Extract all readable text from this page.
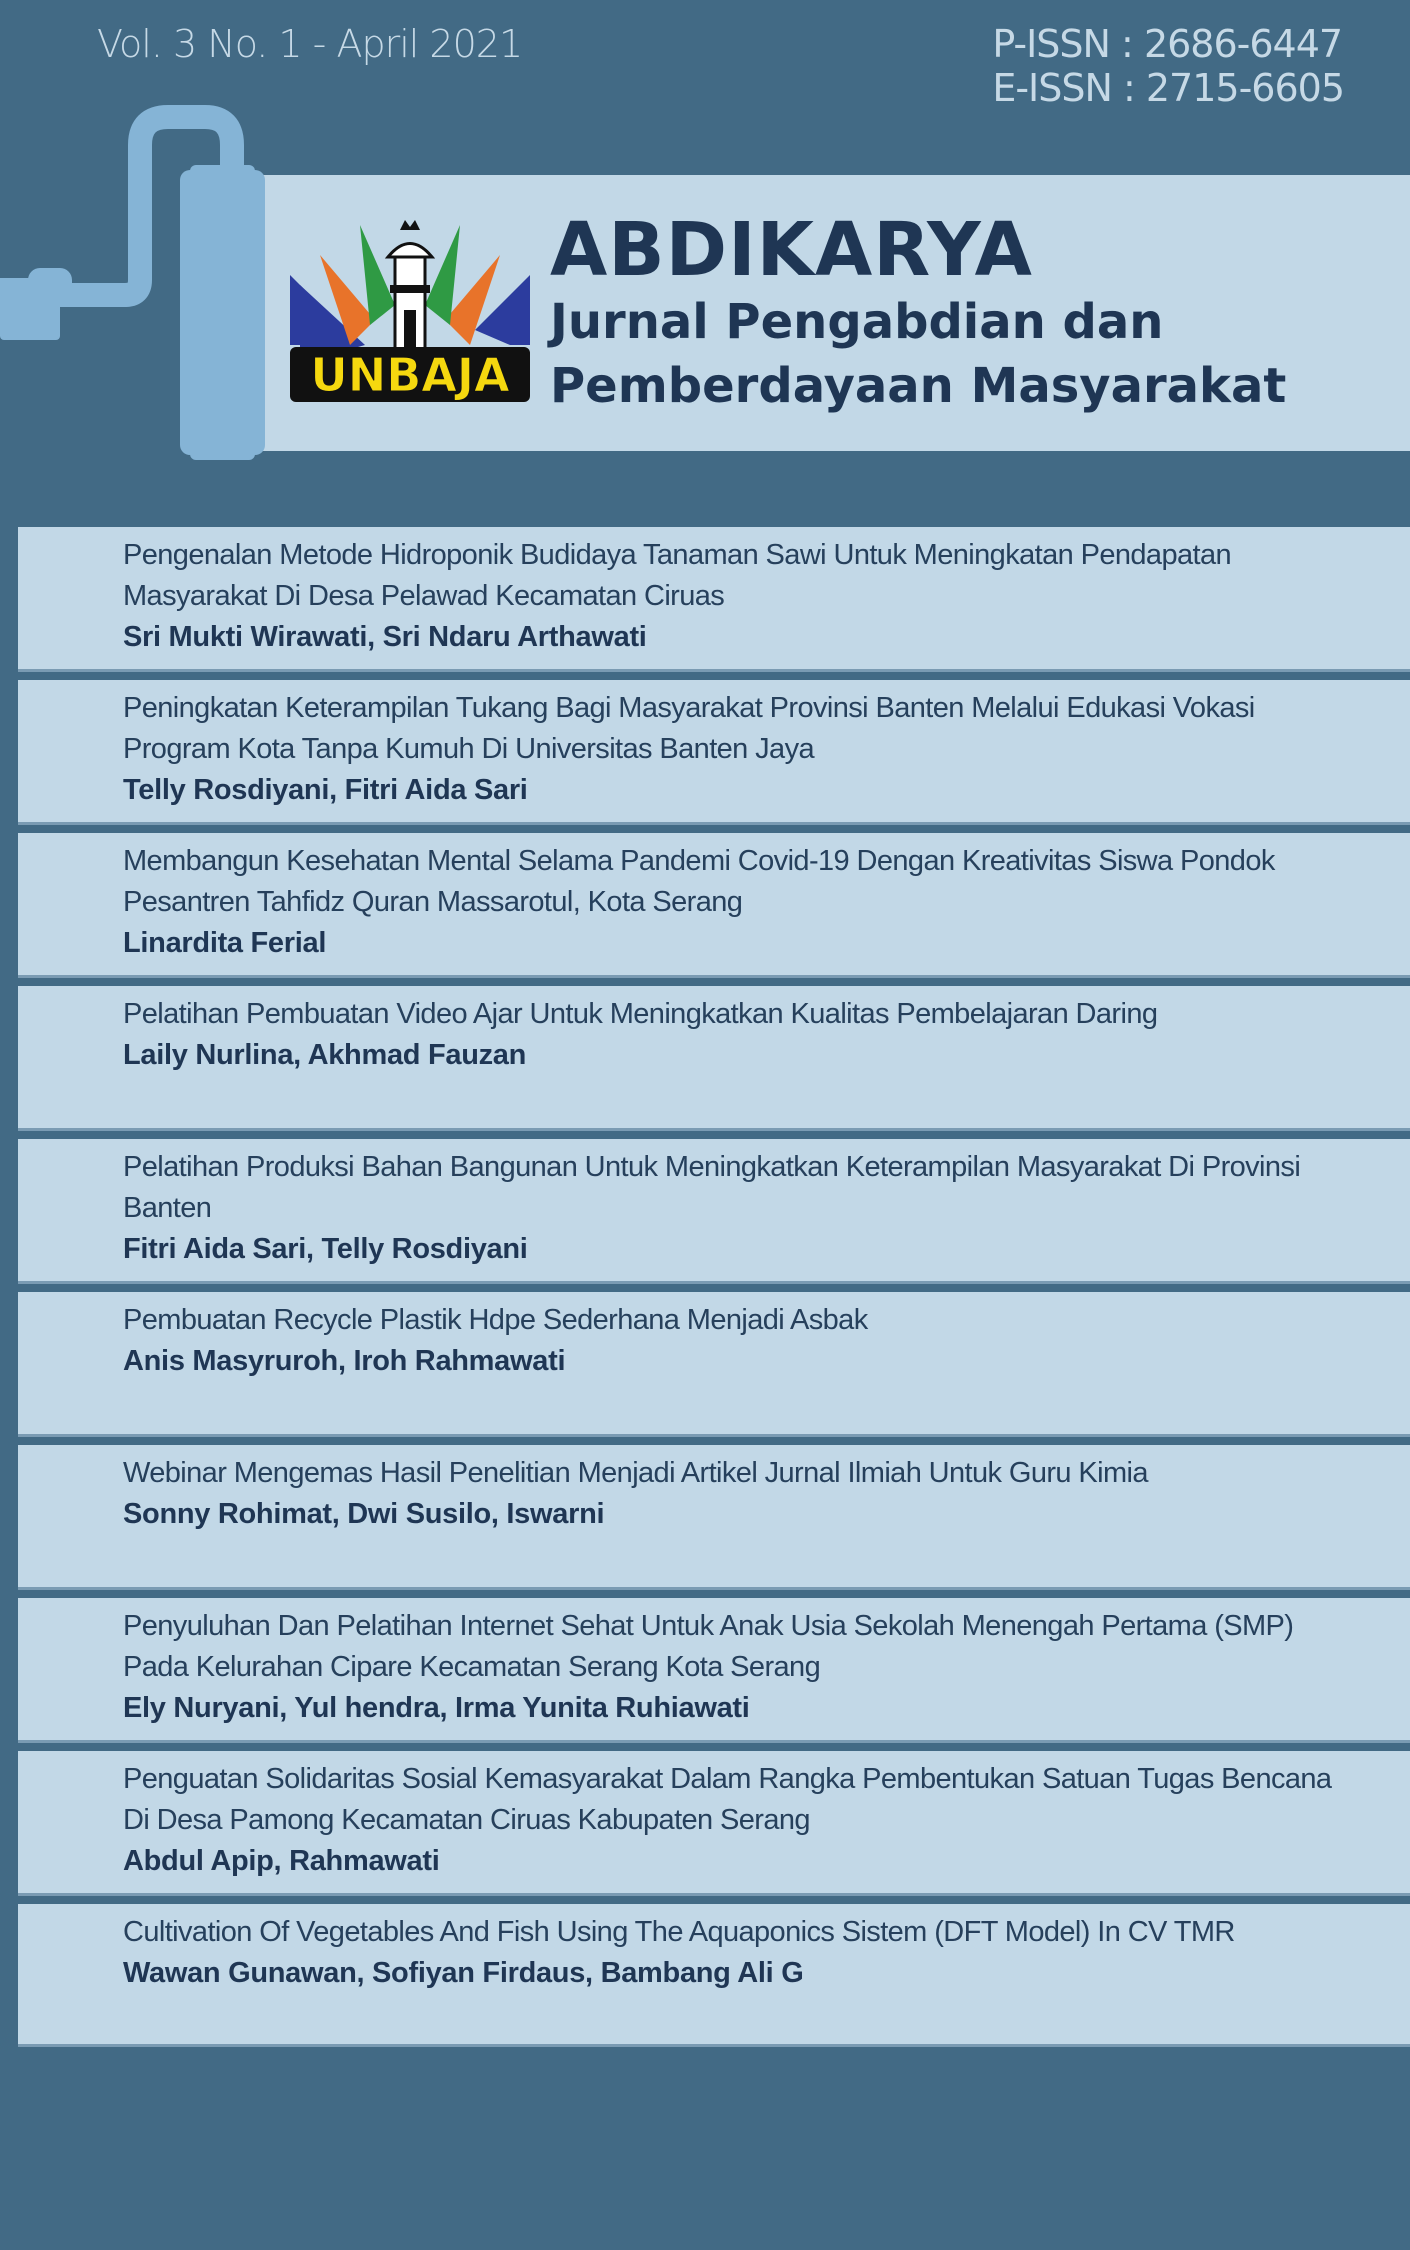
Vol. 3 No. 1 - April 2021	P-ISSN : 2686-6447
E-ISSN : 2715-6605
UNBAJA
ABDIKARYA
Jurnal Pengabdian dan
Pemberdayaan Masyarakat
Pengenalan Metode Hidroponik Budidaya Tanaman Sawi Untuk Meningkatan Pendapatan Masyarakat Di Desa Pelawad Kecamatan Ciruas
Sri Mukti Wirawati, Sri Ndaru Arthawati
Peningkatan Keterampilan Tukang Bagi Masyarakat Provinsi Banten Melalui Edukasi Vokasi Program Kota Tanpa Kumuh Di Universitas Banten Jaya
Telly Rosdiyani, Fitri Aida Sari
Membangun Kesehatan Mental Selama Pandemi Covid-19 Dengan Kreativitas Siswa Pondok Pesantren Tahfidz Quran Massarotul, Kota Serang
Linardita Ferial
Pelatihan Pembuatan Video Ajar Untuk Meningkatkan Kualitas Pembelajaran Daring
Laily Nurlina, Akhmad Fauzan
Pelatihan Produksi Bahan Bangunan Untuk Meningkatkan Keterampilan Masyarakat Di Provinsi Banten
Fitri Aida Sari, Telly Rosdiyani
Pembuatan Recycle Plastik Hdpe Sederhana Menjadi Asbak
Anis Masyruroh, Iroh Rahmawati
Webinar Mengemas Hasil Penelitian Menjadi Artikel Jurnal Ilmiah Untuk Guru Kimia
Sonny Rohimat, Dwi Susilo, Iswarni
Penyuluhan Dan Pelatihan Internet Sehat Untuk Anak Usia Sekolah Menengah Pertama (SMP) Pada Kelurahan Cipare Kecamatan Serang Kota Serang
Ely Nuryani, Yul hendra, Irma Yunita Ruhiawati
Penguatan Solidaritas Sosial Kemasyarakat Dalam Rangka Pembentukan Satuan Tugas Bencana Di Desa Pamong Kecamatan Ciruas Kabupaten Serang
Abdul Apip, Rahmawati
Cultivation Of Vegetables And Fish Using The Aquaponics Sistem (DFT Model) In CV TMR
Wawan Gunawan, Sofiyan Firdaus, Bambang Ali G
